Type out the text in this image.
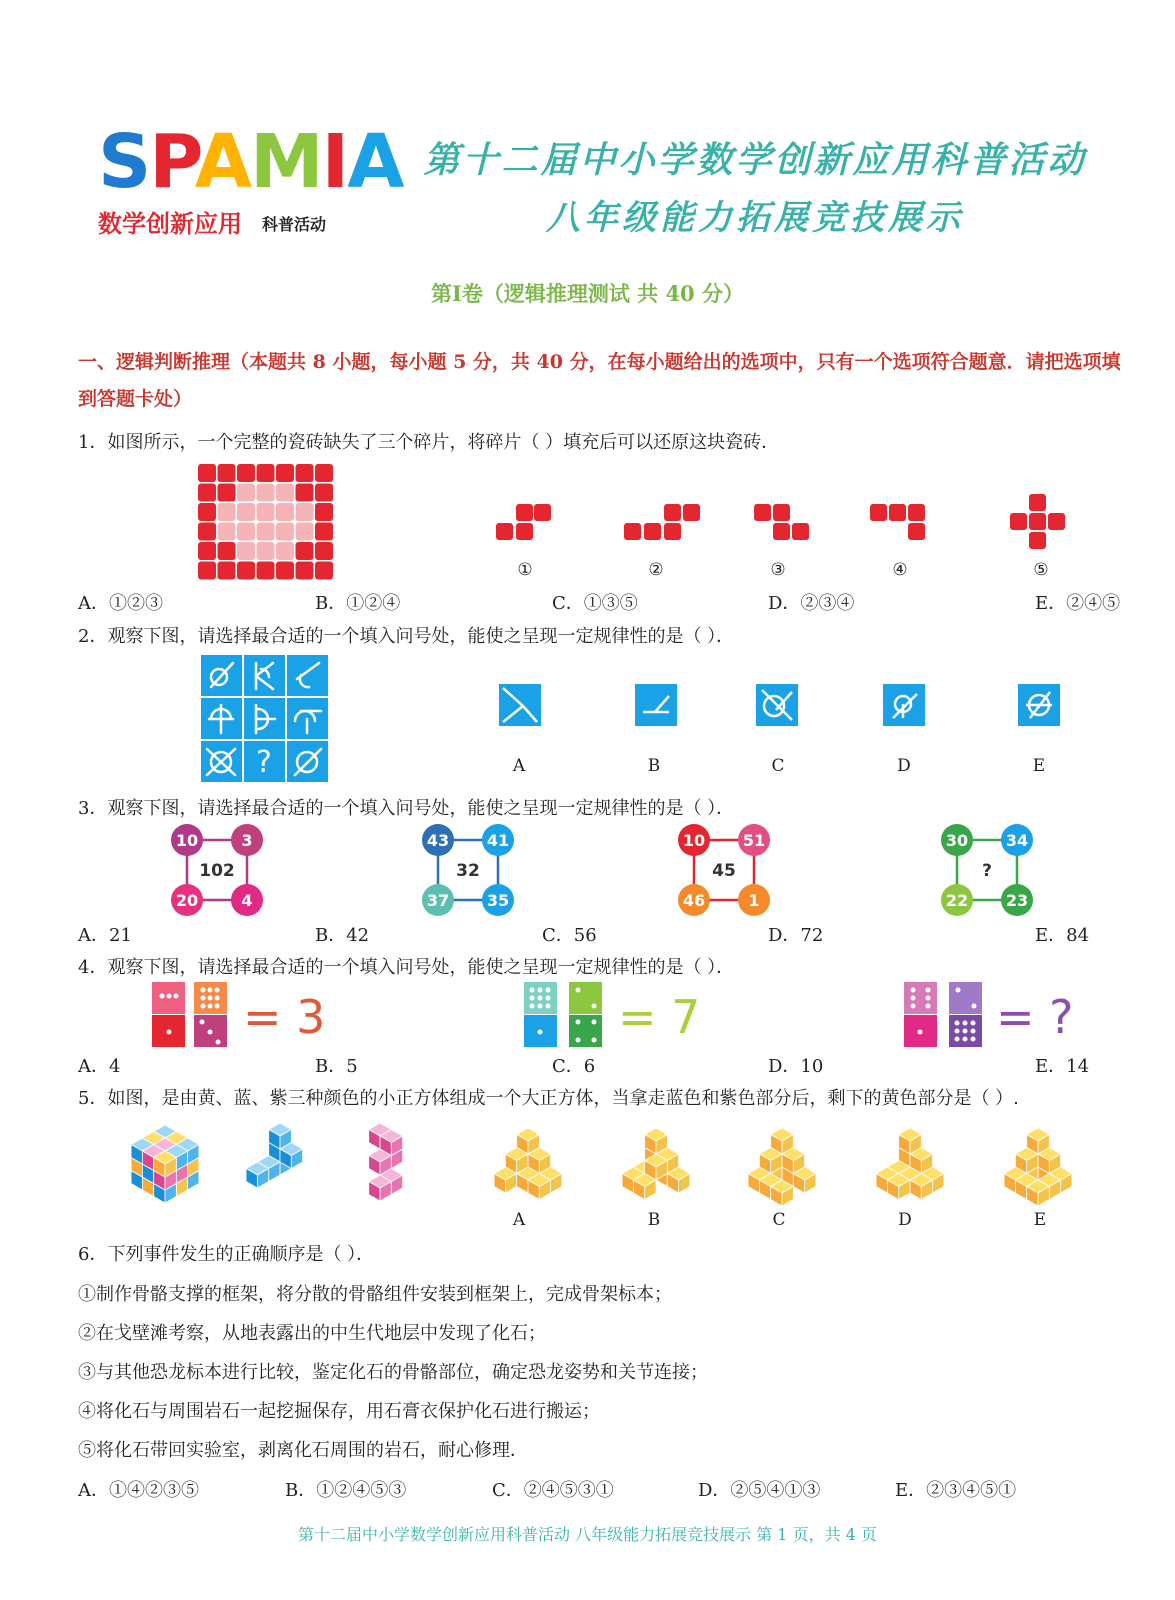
SPAMIA
数学创新应用 科普活动
第十二届中小学数学创新应用科普活动
八年级能力拓展竞技展示
第Ⅰ卷（逻辑推理测试 共 40 分）
一、逻辑判断推理（本题共 8 小题，每小题 5 分，共 40 分，在每小题给出的选项中，只有一个选项符合题意．请把选项填到答题卡处）
1．如图所示，一个完整的瓷砖缺失了三个碎片，将碎片（ ）填充后可以还原这块瓷砖．
①	②	③	④	⑤
A．①②③	B．①②④	C．①③⑤	D．②③④	E．②④⑤
2．观察下图，请选择最合适的一个填入问号处，能使之呈现一定规律性的是（ ）．
?	A	B	C	D	E
3．观察下图，请选择最合适的一个填入问号处，能使之呈现一定规律性的是（ ）．
10	3
20	4
102
43 41
37 35
32
10 51
46	1
45
30 34
22 23
?
A．21	B．42	C．56	D．72	E．84
4．观察下图，请选择最合适的一个填入问号处，能使之呈现一定规律性的是（ ）．
= 3	= 7	= ?
A．4	B．5	C．6	D．10	E．14
5．如图，是由黄、蓝、紫三种颜色的小正方体组成一个大正方体，当拿走蓝色和紫色部分后，剩下的黄色部分是（ ）.
A	B	C	D	E
6．下列事件发生的正确顺序是（ ）．
①制作骨骼支撑的框架，将分散的骨骼组件安装到框架上，完成骨架标本；
②在戈壁滩考察，从地表露出的中生代地层中发现了化石；
③与其他恐龙标本进行比较，鉴定化石的骨骼部位，确定恐龙姿势和关节连接；
④将化石与周围岩石一起挖掘保存，用石膏衣保护化石进行搬运；
⑤将化石带回实验室，剥离化石周围的岩石，耐心修理．
A．①④②③⑤	B．①②④⑤③	C．②④⑤③①	D．②⑤④①③	E．②③④⑤①
第十二届中小学数学创新应用科普活动 八年级能力拓展竞技展示 第 1 页，共 4 页
